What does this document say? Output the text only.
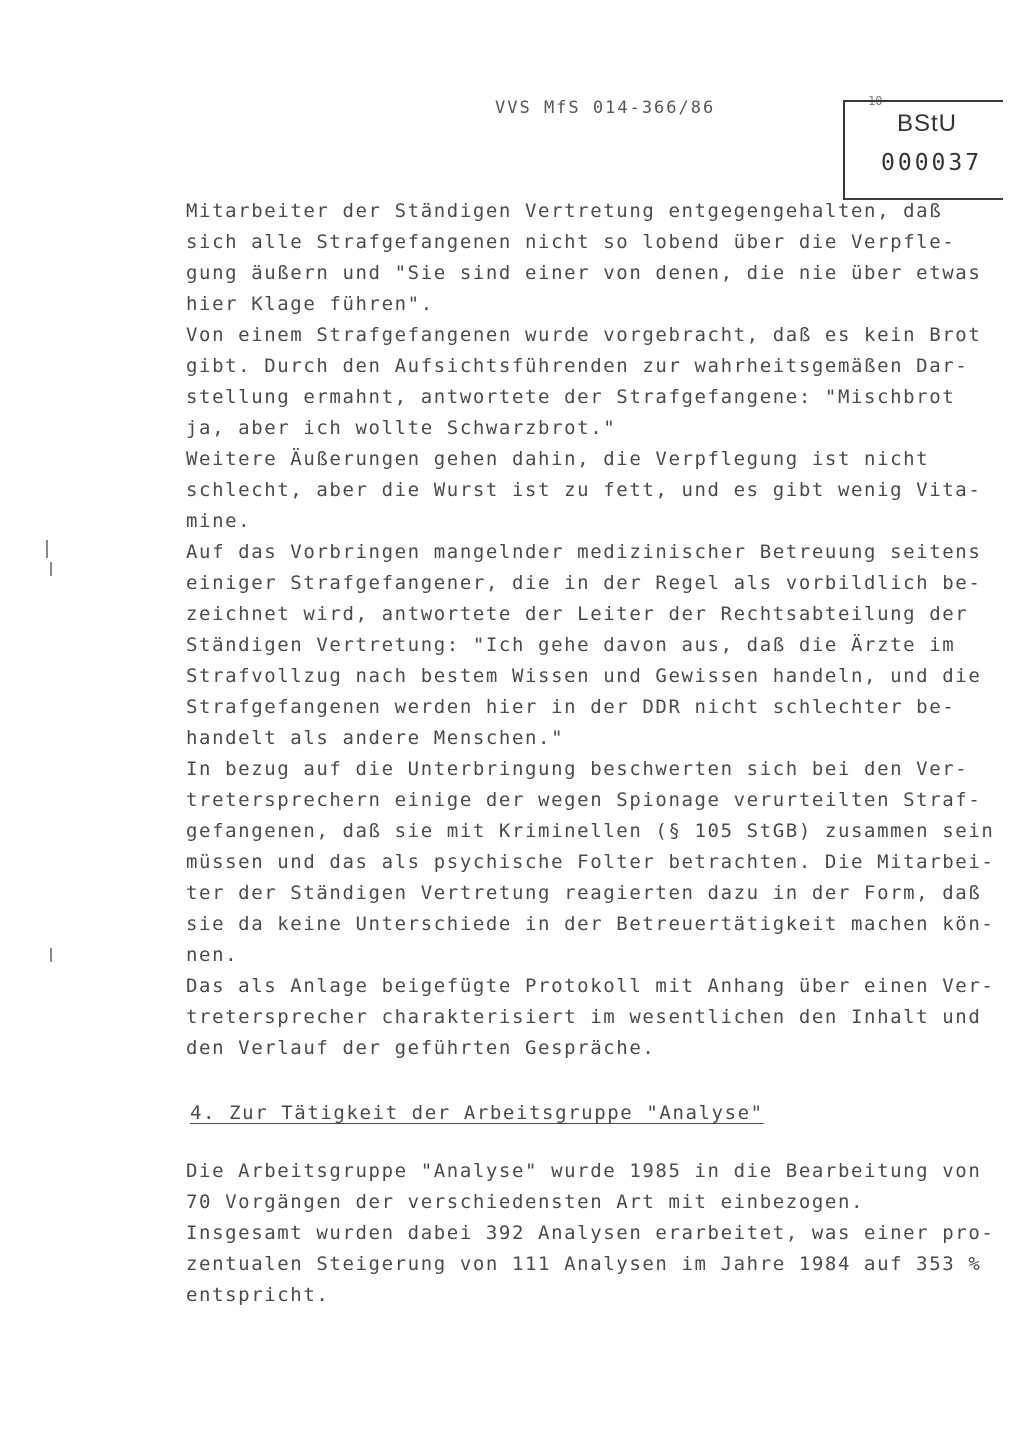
VVS MfS 014-366/86	10
BStU
000037
Mitarbeiter der Ständigen Vertretung entgegengehalten, daß
sich alle Strafgefangenen nicht so lobend über die Verpfle-
gung äußern und "Sie sind einer von denen, die nie über etwas
hier Klage führen".
Von einem Strafgefangenen wurde vorgebracht, daß es kein Brot
gibt. Durch den Aufsichtsführenden zur wahrheitsgemäßen Dar-
stellung ermahnt, antwortete der Strafgefangene: "Mischbrot
ja, aber ich wollte Schwarzbrot."
Weitere Äußerungen gehen dahin, die Verpflegung ist nicht
schlecht, aber die Wurst ist zu fett, und es gibt wenig Vita-
mine.
Auf das Vorbringen mangelnder medizinischer Betreuung seitens
einiger Strafgefangener, die in der Regel als vorbildlich be-
zeichnet wird, antwortete der Leiter der Rechtsabteilung der
Ständigen Vertretung: "Ich gehe davon aus, daß die Ärzte im
Strafvollzug nach bestem Wissen und Gewissen handeln, und die
Strafgefangenen werden hier in der DDR nicht schlechter be-
handelt als andere Menschen."
In bezug auf die Unterbringung beschwerten sich bei den Ver-
tretersprechern einige der wegen Spionage verurteilten Straf-
gefangenen, daß sie mit Kriminellen (§ 105 StGB) zusammen sein
müssen und das als psychische Folter betrachten. Die Mitarbei-
ter der Ständigen Vertretung reagierten dazu in der Form, daß
sie da keine Unterschiede in der Betreuertätigkeit machen kön-
nen.
Das als Anlage beigefügte Protokoll mit Anhang über einen Ver-
tretersprecher charakterisiert im wesentlichen den Inhalt und
den Verlauf der geführten Gespräche.
4. Zur Tätigkeit der Arbeitsgruppe "Analyse"
Die Arbeitsgruppe "Analyse" wurde 1985 in die Bearbeitung von
70 Vorgängen der verschiedensten Art mit einbezogen.
Insgesamt wurden dabei 392 Analysen erarbeitet, was einer pro-
zentualen Steigerung von 111 Analysen im Jahre 1984 auf 353 %
entspricht.
